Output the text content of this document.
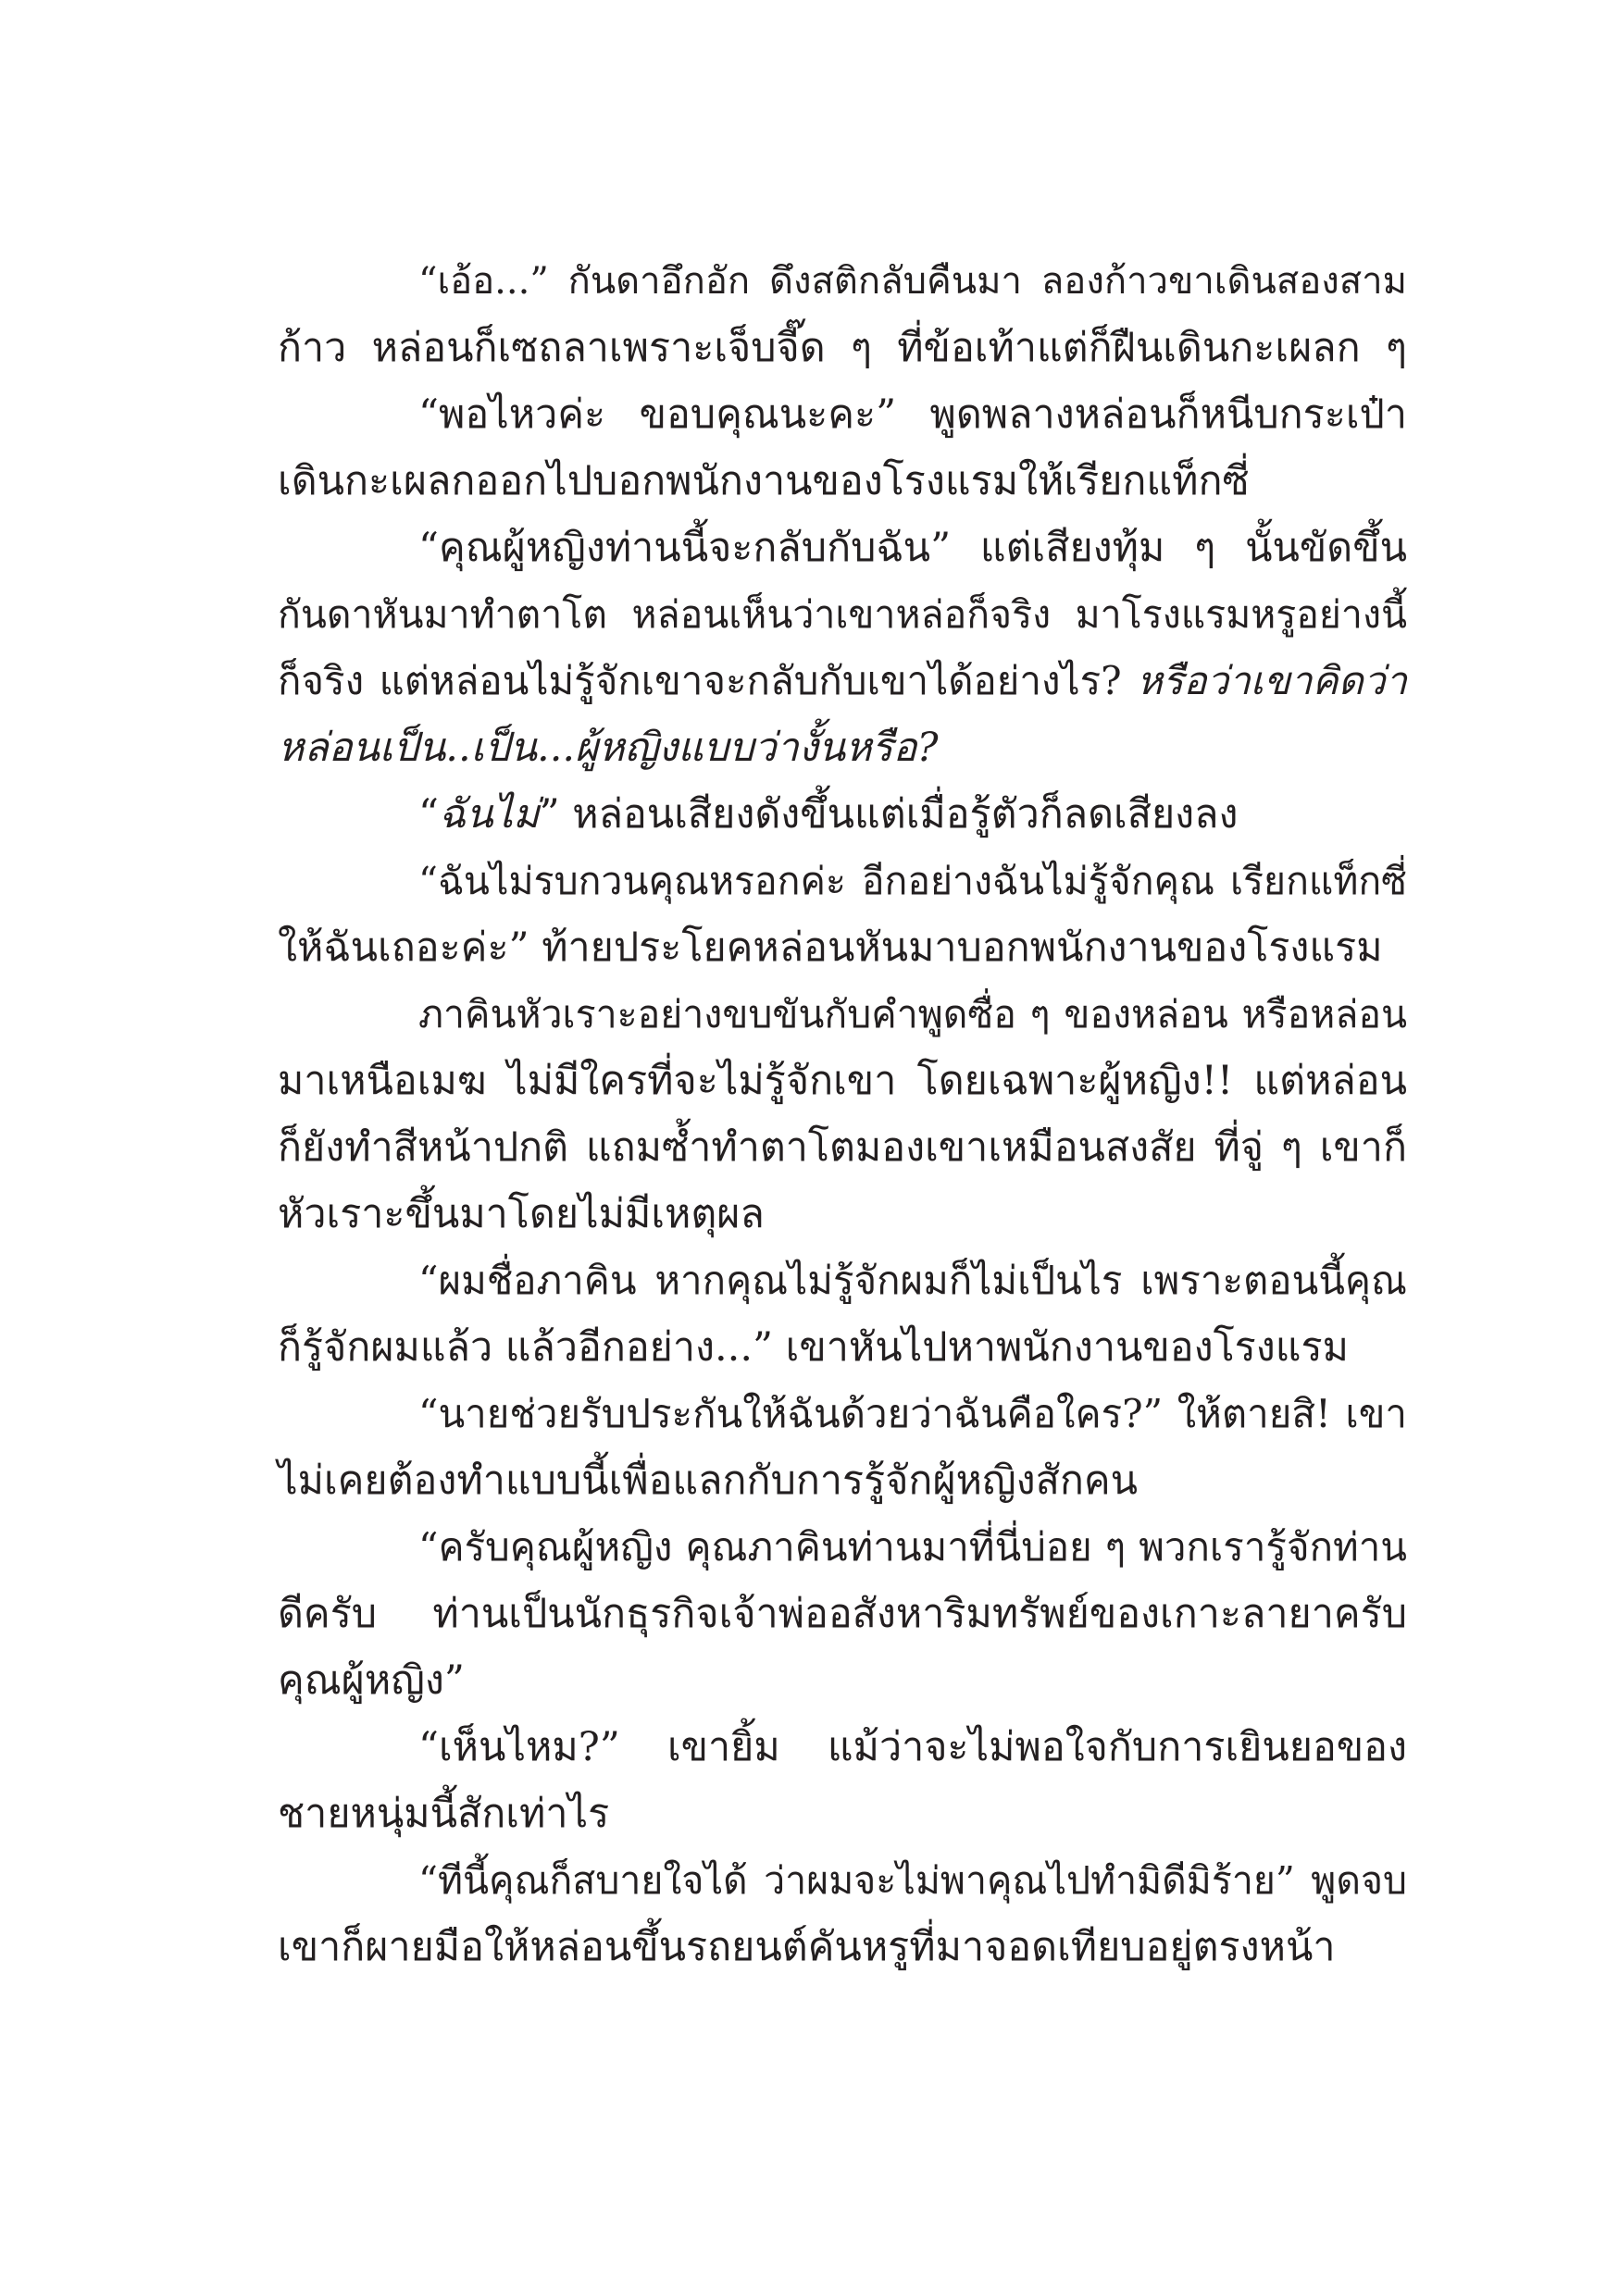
“เอ้อ...” กันดาอึกอัก ดึงสติกลับคืนมา ลองก้าวขาเดินสองสาม
ก้าว หล่อนก็เซถลาเพราะเจ็บจี๊ด ๆ ที่ข้อเท้าแต่ก็ฝืนเดินกะเผลก ๆ
“พอไหวค่ะ ขอบคุณนะคะ” พูดพลางหล่อนก็หนีบกระเป๋า
เดินกะเผลกออกไปบอกพนักงานของโรงแรมให้เรียกแท็กซี่
“คุณผู้หญิงท่านนี้จะกลับกับฉัน” แต่เสียงทุ้ม ๆ นั้นขัดขึ้น
กันดาหันมาทำตาโต หล่อนเห็นว่าเขาหล่อก็จริง มาโรงแรมหรูอย่างนี้
ก็จริง แต่หล่อนไม่รู้จักเขาจะกลับกับเขาได้อย่างไร? หรือว่าเขาคิดว่า
หล่อนเป็น..เป็น...ผู้หญิงแบบว่างั้นหรือ?
“ฉันไม่” หล่อนเสียงดังขึ้นแต่เมื่อรู้ตัวก็ลดเสียงลง
“ฉันไม่รบกวนคุณหรอกค่ะ อีกอย่างฉันไม่รู้จักคุณ เรียกแท็กซี่
ให้ฉันเถอะค่ะ” ท้ายประโยคหล่อนหันมาบอกพนักงานของโรงแรม
ภาคินหัวเราะอย่างขบขันกับคำพูดซื่อ ๆ ของหล่อน หรือหล่อน
มาเหนือเมฆ ไม่มีใครที่จะไม่รู้จักเขา โดยเฉพาะผู้หญิง!! แต่หล่อน
ก็ยังทำสีหน้าปกติ แถมซ้ำทำตาโตมองเขาเหมือนสงสัย ที่จู่ ๆ เขาก็
หัวเราะขึ้นมาโดยไม่มีเหตุผล
“ผมชื่อภาคิน หากคุณไม่รู้จักผมก็ไม่เป็นไร เพราะตอนนี้คุณ
ก็รู้จักผมแล้ว แล้วอีกอย่าง...” เขาหันไปหาพนักงานของโรงแรม
“นายช่วยรับประกันให้ฉันด้วยว่าฉันคือใคร?” ให้ตายสิ! เขา
ไม่เคยต้องทำแบบนี้เพื่อแลกกับการรู้จักผู้หญิงสักคน
“ครับคุณผู้หญิง คุณภาคินท่านมาที่นี่บ่อย ๆ พวกเรารู้จักท่าน
ดีครับ ท่านเป็นนักธุรกิจเจ้าพ่ออสังหาริมทรัพย์ของเกาะลายาครับ
คุณผู้หญิง”
“เห็นไหม?” เขายิ้ม แม้ว่าจะไม่พอใจกับการเยินยอของ
ชายหนุ่มนี้สักเท่าไร
“ทีนี้คุณก็สบายใจได้ ว่าผมจะไม่พาคุณไปทำมิดีมิร้าย” พูดจบ
เขาก็ผายมือให้หล่อนขึ้นรถยนต์คันหรูที่มาจอดเทียบอยู่ตรงหน้า
